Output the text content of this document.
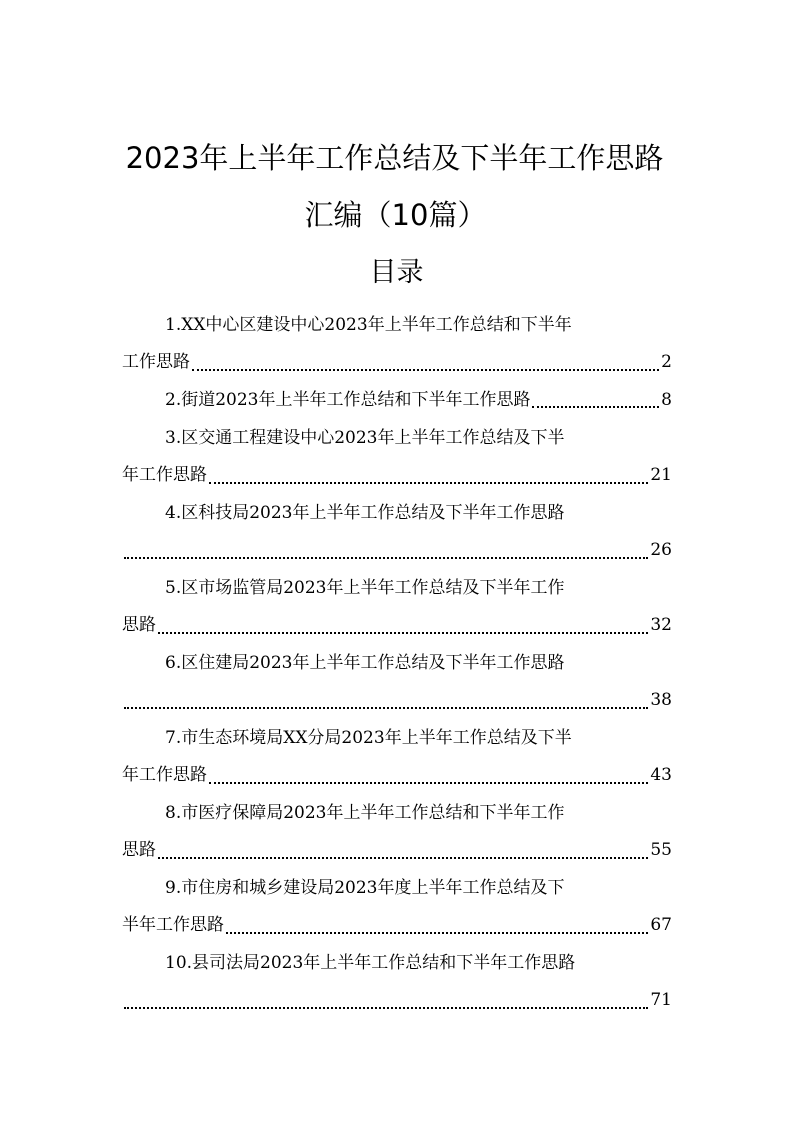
2023年上半年工作总结及下半年工作思路
汇编（10篇）
目录
1.XX中心区建设中心2023年上半年工作总结和下半年
工作思路	2
2.街道2023年上半年工作总结和下半年工作思路	8
3.区交通工程建设中心2023年上半年工作总结及下半
年工作思路	21
4.区科技局2023年上半年工作总结及下半年工作思路
26
5.区市场监管局2023年上半年工作总结及下半年工作
思路	32
6.区住建局2023年上半年工作总结及下半年工作思路
38
7.市生态环境局XX分局2023年上半年工作总结及下半
年工作思路	43
8.市医疗保障局2023年上半年工作总结和下半年工作
思路	55
9.市住房和城乡建设局2023年度上半年工作总结及下
半年工作思路	67
10.县司法局2023年上半年工作总结和下半年工作思路
71
